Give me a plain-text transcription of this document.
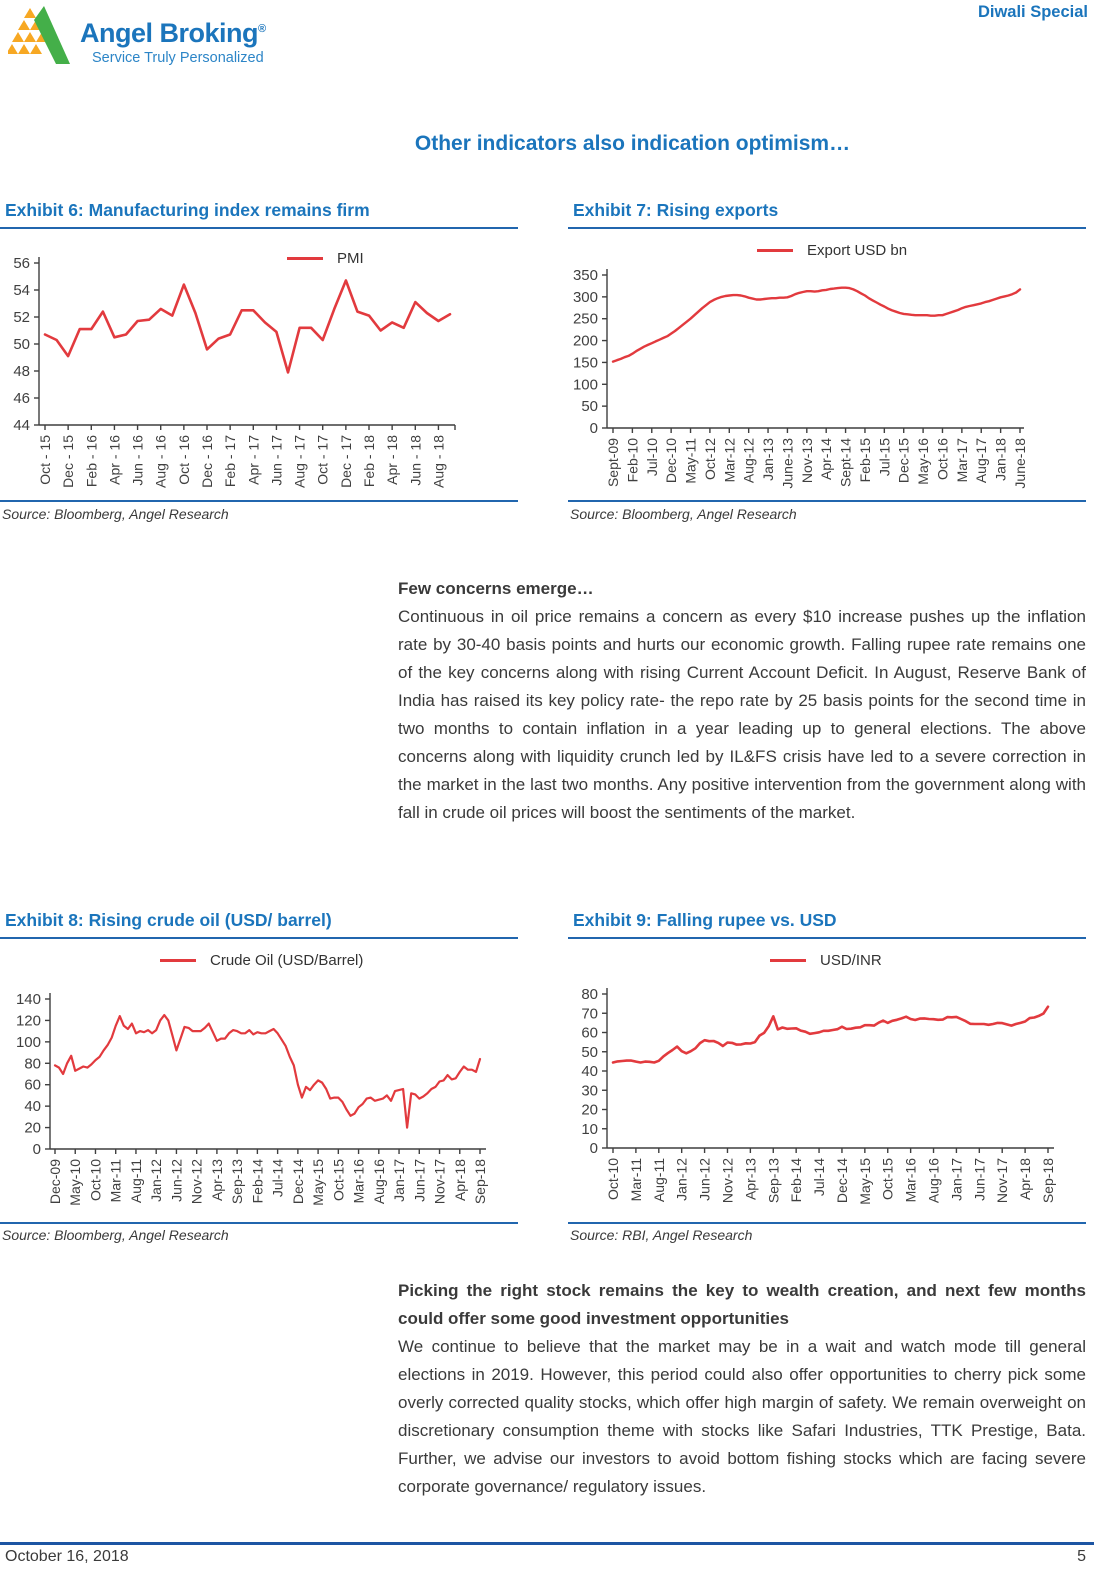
Angel Broking®
Service Truly Personalized
Diwali Special
Other indicators also indication optimism…
Exhibit 6: Manufacturing index remains firm
PMI
44
46
48
50
52
54
56
Oct - 15 Dec - 15 Feb - 16 Apr - 16 Jun - 16 Aug - 16 Oct - 16 Dec - 16 Feb - 17 Apr - 17 Jun - 17 Aug - 17 Oct - 17 Dec - 17 Feb - 18 Apr - 18 Jun - 18 Aug - 18
Source: Bloomberg, Angel Research
Exhibit 7: Rising exports
Export USD bn
0
50
100
150
200
250
300
350
Sept-09 Feb-10 Jul-10 Dec-10 May-11 Oct-12 Mar-12 Aug-12 Jan-13 June-13 Nov-13 Apr-14 Sept-14 Feb-15 Jul-15 Dec-15 May-16 Oct-16 Mar-17 Aug-17 Jan-18 June-18
Source: Bloomberg, Angel Research
Few concerns emerge…
Continuous in oil price remains a concern as every $10 increase pushes up the inflation rate by 30-40 basis points and hurts our economic growth. Falling rupee rate remains one of the key concerns along with rising Current Account Deficit. In August, Reserve Bank of India has raised its key policy rate- the repo rate by 25 basis points for the second time in two months to contain inflation in a year leading up to general elections. The above concerns along with liquidity crunch led by IL&FS crisis have led to a severe correction in the market in the last two months. Any positive intervention from the government along with fall in crude oil prices will boost the sentiments of the market.
Exhibit 8: Rising crude oil (USD/ barrel)
Crude Oil (USD/Barrel)
0
20
40
60
80
100
120
140
Dec-09 May-10 Oct-10 Mar-11 Aug-11 Jan-12 Jun-12 Nov-12 Apr-13 Sep-13 Feb-14 Jul-14 Dec-14 May-15 Oct-15 Mar-16 Aug-16 Jan-17 Jun-17 Nov-17 Apr-18 Sep-18
Source: Bloomberg, Angel Research
Exhibit 9: Falling rupee vs. USD
USD/INR
0
10
20
30
40
50
60
70
80
Oct-10 Mar-11 Aug-11 Jan-12 Jun-12 Nov-12 Apr-13 Sep-13 Feb-14 Jul-14 Dec-14 May-15 Oct-15 Mar-16 Aug-16 Jan-17 Jun-17 Nov-17 Apr-18 Sep-18
Source: RBI, Angel Research
Picking the right stock remains the key to wealth creation, and next few months could offer some good investment opportunities
We continue to believe that the market may be in a wait and watch mode till general elections in 2019. However, this period could also offer opportunities to cherry pick some overly corrected quality stocks, which offer high margin of safety. We remain overweight on discretionary consumption theme with stocks like Safari Industries, TTK Prestige, Bata. Further, we advise our investors to avoid bottom fishing stocks which are facing severe corporate governance/ regulatory issues.
October 16, 2018	5
